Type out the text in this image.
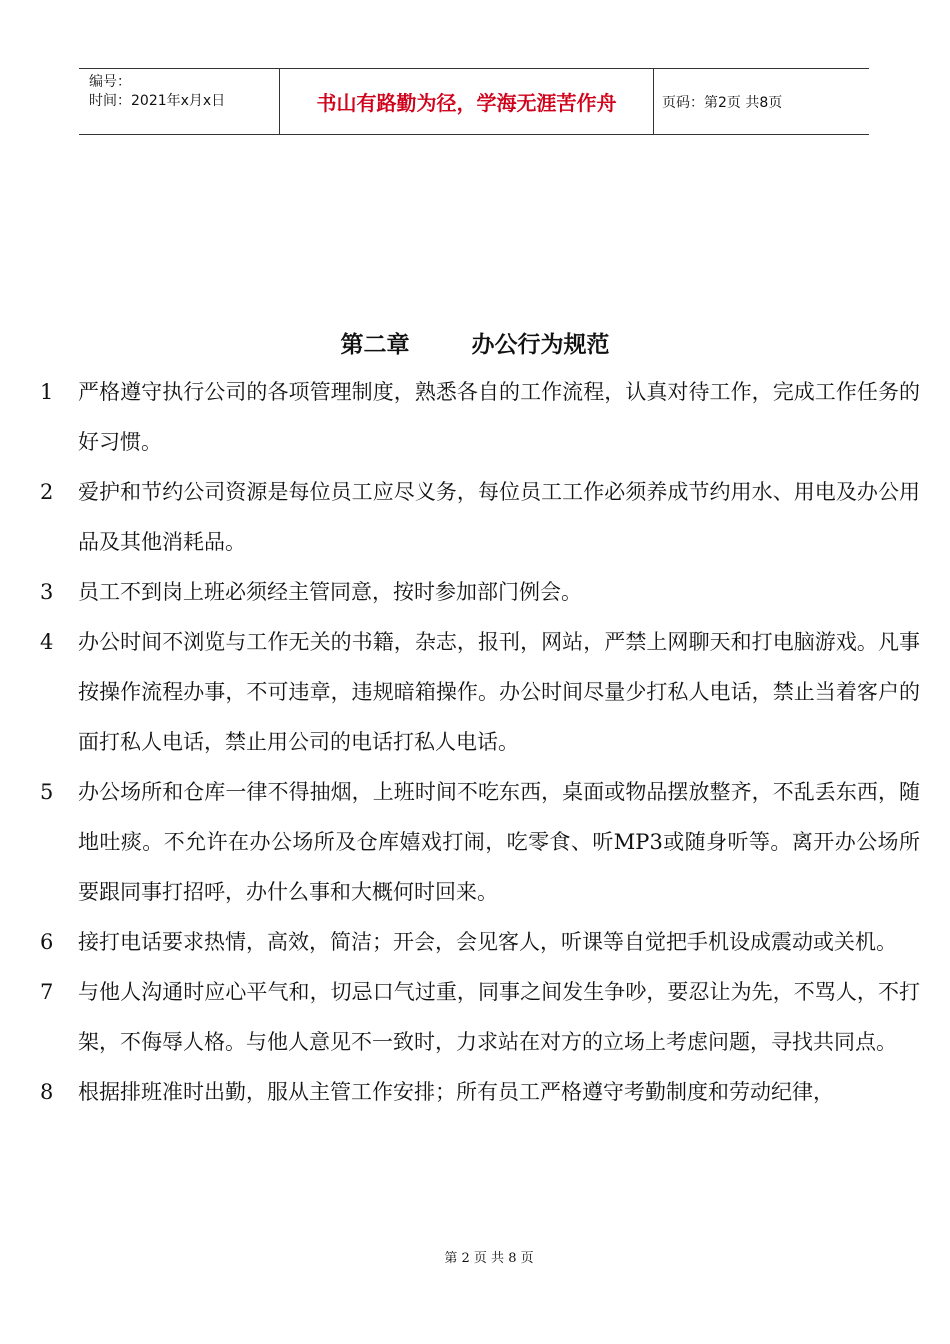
编号：
时间：2021年x月x日	书山有路勤为径，学海无涯苦作舟	页码：第2页 共8页
第二章	办公行为规范
1	严格遵守执行公司的各项管理制度，熟悉各自的工作流程，认真对待工作，完成工作任务的好习惯。
2	爱护和节约公司资源是每位员工应尽义务，每位员工工作必须养成节约用水、用电及办公用品及其他消耗品。
3	员工不到岗上班必须经主管同意，按时参加部门例会。
4	办公时间不浏览与工作无关的书籍，杂志，报刊，网站，严禁上网聊天和打电脑游戏。凡事按操作流程办事，不可违章，违规暗箱操作。办公时间尽量少打私人电话，禁止当着客户的面打私人电话，禁止用公司的电话打私人电话。
5	办公场所和仓库一律不得抽烟，上班时间不吃东西，桌面或物品摆放整齐，不乱丢东西，随地吐痰。不允许在办公场所及仓库嬉戏打闹，吃零食、听MP3或随身听等。离开办公场所要跟同事打招呼，办什么事和大概何时回来。
6	接打电话要求热情，高效，简洁；开会，会见客人，听课等自觉把手机设成震动或关机。
7	与他人沟通时应心平气和，切忌口气过重，同事之间发生争吵，要忍让为先，不骂人，不打架，不侮辱人格。与他人意见不一致时，力求站在对方的立场上考虑问题，寻找共同点。
8	根据排班准时出勤，服从主管工作安排；所有员工严格遵守考勤制度和劳动纪律，
第 2 页 共 8 页
